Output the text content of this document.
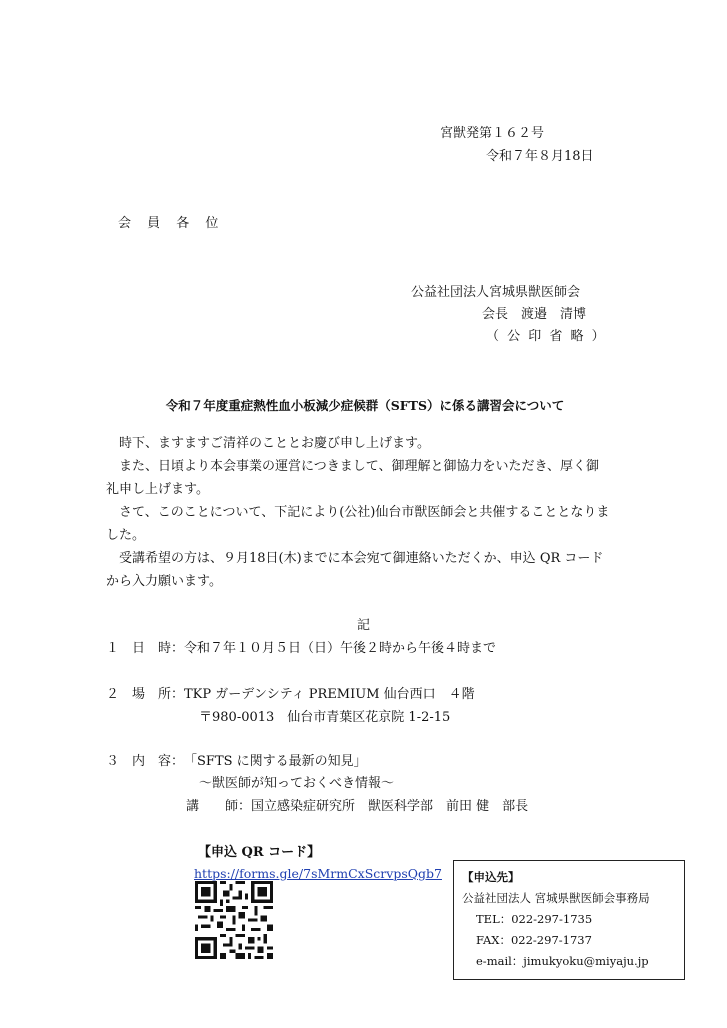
宮獣発第１６２号
令和７年８月18日
会 員 各 位
公益社団法人宮城県獣医師会
会長　渡邉　清博
（ 公 印 省 略 ）
令和７年度重症熱性血小板減少症候群（SFTS）に係る講習会について

時下、ますますご清祥のこととお慶び申し上げます。

また、日頃より本会事業の運営につきまして、御理解と御協力をいただき、厚く御

礼申し上げます。

さて、このことについて、下記により(公社)仙台市獣医師会と共催することとなりま

した。

受講希望の方は、９月18日(木)までに本会宛て御連絡いただくか、申込 QR コード

から入力願います。

記
１　日　時：令和７年１０月５日（日）午後２時から午後４時まで
２　場　所：TKP ガーデンシティ PREMIUM 仙台西口　４階
〒980-0013　仙台市青葉区花京院 1-2-15
３　内　容：「SFTS に関する最新の知見」
～獣医師が知っておくべき情報～
講　　師：国立感染症研究所　獣医科学部　前田 健　部長
【申込 QR コード】
https://forms.gle/7sMrmCxScrvpsQgb7 【申込先】
公益社団法人 宮城県獣医師会事務局
TEL：022-297-1735
FAX：022-297-1737
e-mail：jimukyoku@miyaju.jp
